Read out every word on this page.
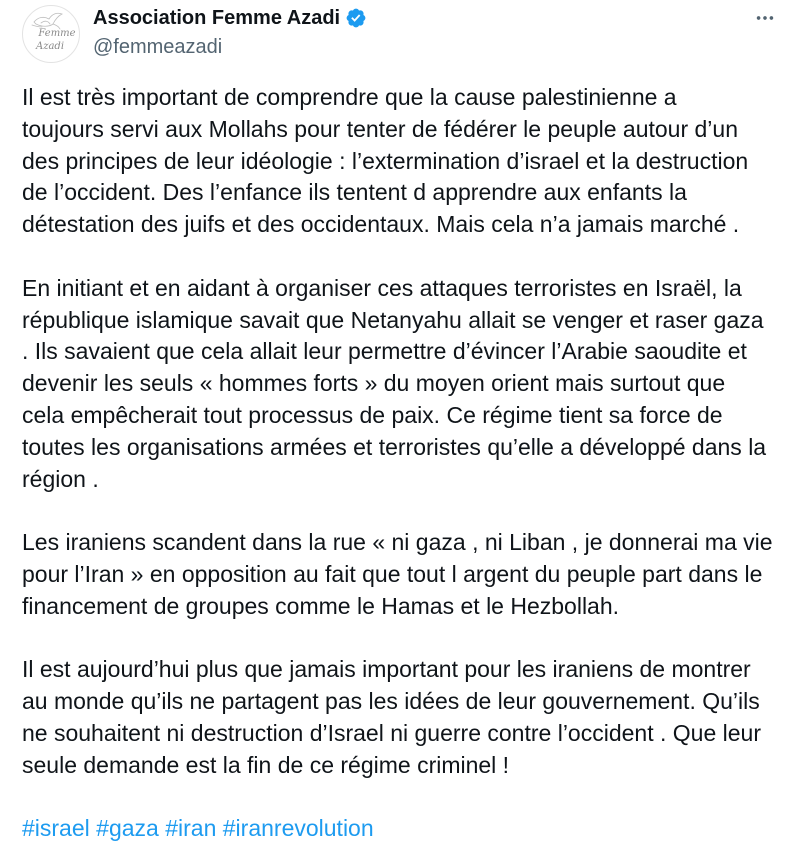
Femme
Azadi
Association Femme Azadi
@femmeazadi
Il est très important de comprendre que la cause palestinienne a
toujours servi aux Mollahs pour tenter de fédérer le peuple autour d’un
des principes de leur idéologie : l’extermination d’israel et la destruction
de l’occident. Des l’enfance ils tentent d apprendre aux enfants la
détestation des juifs et des occidentaux. Mais cela n’a jamais marché .
En initiant et en aidant à organiser ces attaques terroristes en Israël, la
république islamique savait que Netanyahu allait se venger et raser gaza
. Ils savaient que cela allait leur permettre d’évincer l’Arabie saoudite et
devenir les seuls « hommes forts » du moyen orient mais surtout que
cela empêcherait tout processus de paix. Ce régime tient sa force de
toutes les organisations armées et terroristes qu’elle a développé dans la
région .
Les iraniens scandent dans la rue « ni gaza , ni Liban , je donnerai ma vie
pour l’Iran » en opposition au fait que tout l argent du peuple part dans le
financement de groupes comme le Hamas et le Hezbollah.
Il est aujourd’hui plus que jamais important pour les iraniens de montrer
au monde qu’ils ne partagent pas les idées de leur gouvernement. Qu’ils
ne souhaitent ni destruction d’Israel ni guerre contre l’occident . Que leur
seule demande est la fin de ce régime criminel !
#israel #gaza #iran #iranrevolution
